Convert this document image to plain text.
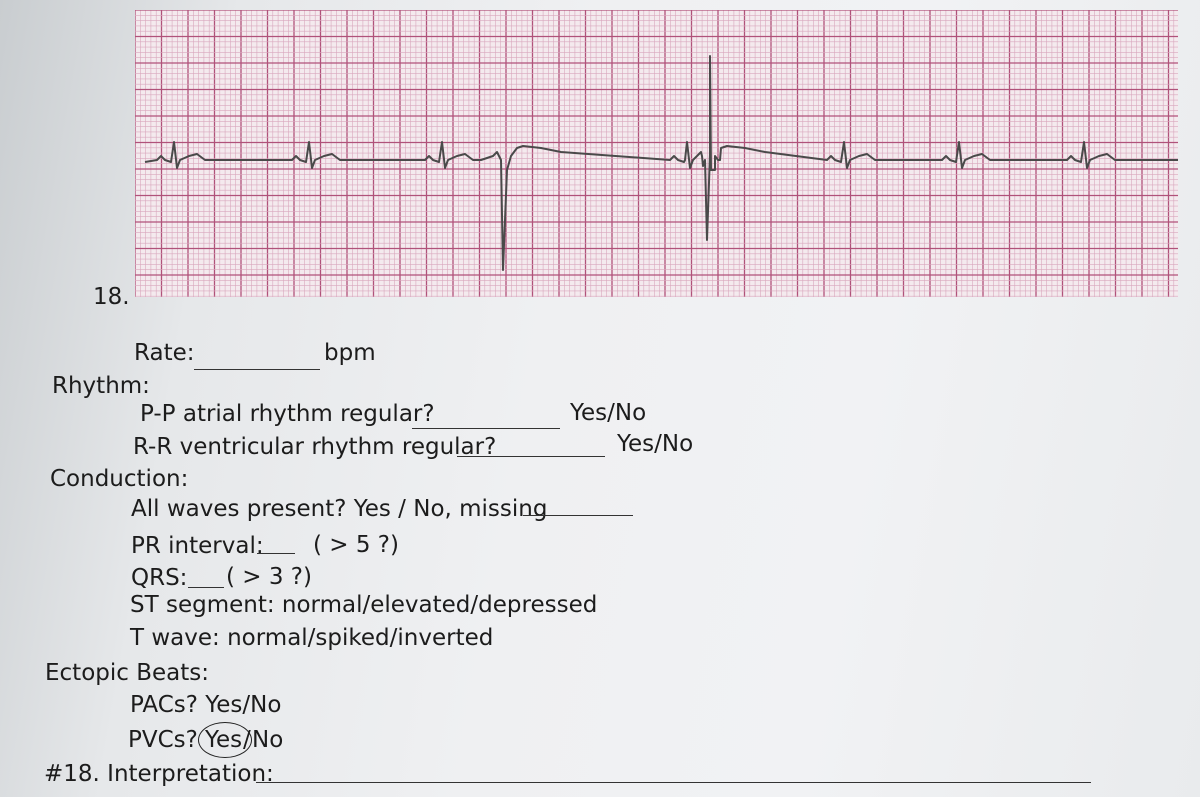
18.
Rate:	bpm
Rhythm:
P-P atrial rhythm regular?	Yes/No
R-R ventricular rhythm regular?	Yes/No
Conduction:
All waves present? Yes / No, missing
PR interval: ( > 5 ?)
QRS: ( > 3 ?)
ST segment: normal/elevated/depressed
T wave: normal/spiked/inverted
Ectopic Beats:
PACs? Yes/No
PVCs? Yes / No
#18. Interpretation:
